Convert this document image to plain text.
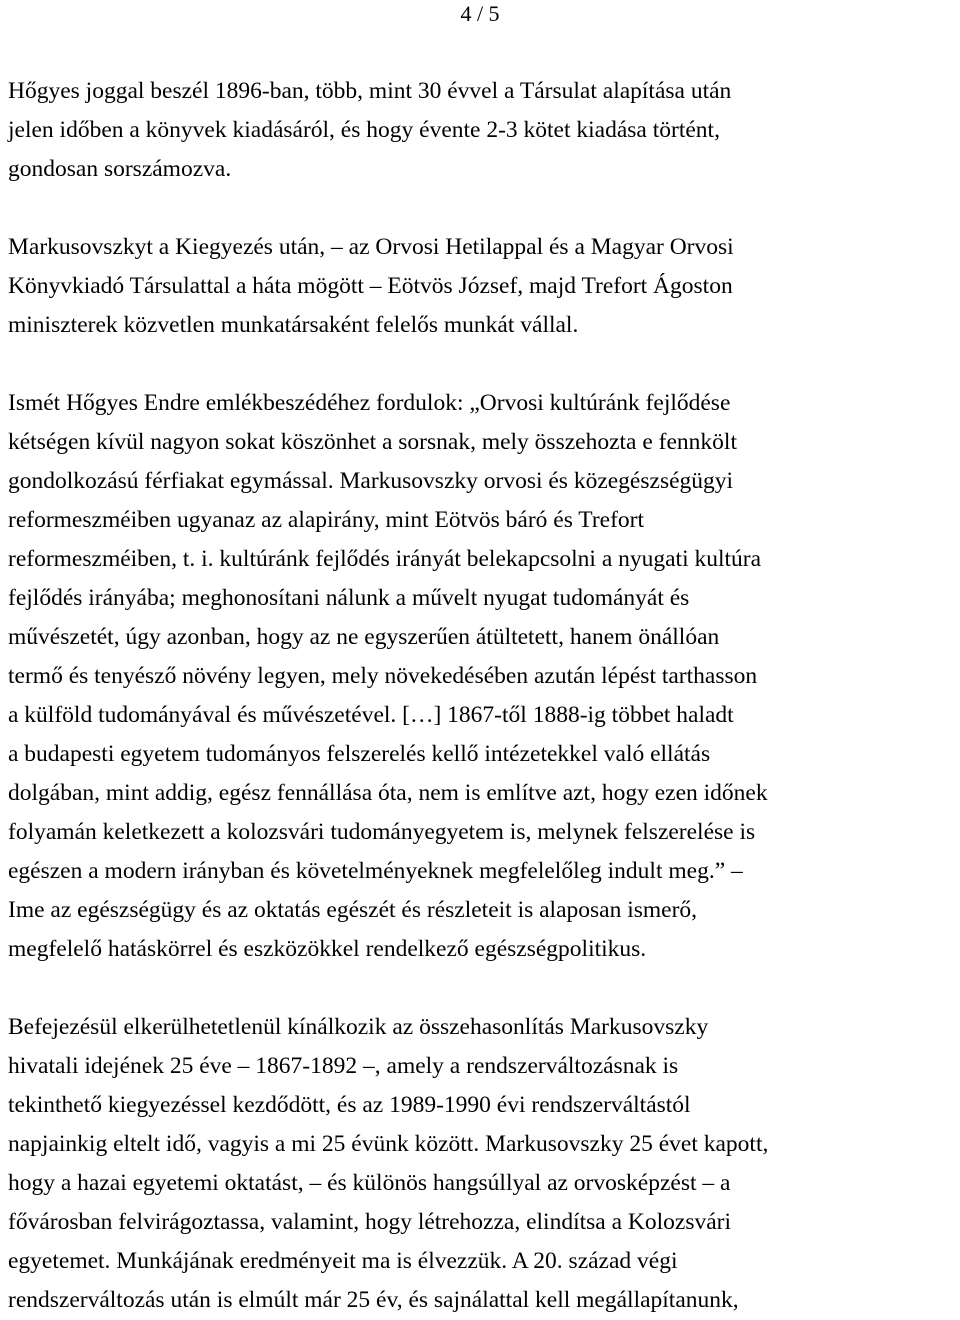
4 / 5

Hőgyes joggal beszél 1896-ban, több, mint 30 évvel a Társulat alapítása után
jelen időben a könyvek kiadásáról, és hogy évente 2-3 kötet kiadása történt,
gondosan sorszámozva.

Markusovszkyt a Kiegyezés után, – az Orvosi Hetilappal és a Magyar Orvosi
Könyvkiadó Társulattal a háta mögött – Eötvös József, majd Trefort Ágoston
miniszterek közvetlen munkatársaként felelős munkát vállal.

Ismét Hőgyes Endre emlékbeszédéhez fordulok: „Orvosi kultúránk fejlődése
kétségen kívül nagyon sokat köszönhet a sorsnak, mely összehozta e fennkölt
gondolkozású férfiakat egymással. Markusovszky orvosi és közegészségügyi
reformeszméiben ugyanaz az alapirány, mint Eötvös báró és Trefort
reformeszméiben, t. i. kultúránk fejlődés irányát belekapcsolni a nyugati kultúra
fejlődés irányába; meghonosítani nálunk a művelt nyugat tudományát és
művészetét, úgy azonban, hogy az ne egyszerűen átültetett, hanem önállóan
termő és tenyésző növény legyen, mely növekedésében azután lépést tarthasson
a külföld tudományával és művészetével. […] 1867-től 1888-ig többet haladt
a budapesti egyetem tudományos felszerelés kellő intézetekkel való ellátás
dolgában, mint addig, egész fennállása óta, nem is említve azt, hogy ezen időnek
folyamán keletkezett a kolozsvári tudományegyetem is, melynek felszerelése is
egészen a modern irányban és követelményeknek megfelelőleg indult meg.” –
Ime az egészségügy és az oktatás egészét és részleteit is alaposan ismerő,
megfelelő hatáskörrel és eszközökkel rendelkező egészségpolitikus.

Befejezésül elkerülhetetlenül kínálkozik az összehasonlítás Markusovszky
hivatali idejének 25 éve – 1867-1892 –, amely a rendszerváltozásnak is
tekinthető kiegyezéssel kezdődött, és az 1989-1990 évi rendszerváltástól
napjainkig eltelt idő, vagyis a mi 25 évünk között. Markusovszky 25 évet kapott,
hogy a hazai egyetemi oktatást, – és különös hangsúllyal az orvosképzést – a
fővárosban felvirágoztassa, valamint, hogy létrehozza, elindítsa a Kolozsvári
egyetemet. Munkájának eredményeit ma is élvezzük. A 20. század végi
rendszerváltozás után is elmúlt már 25 év, és sajnálattal kell megállapítanunk,
